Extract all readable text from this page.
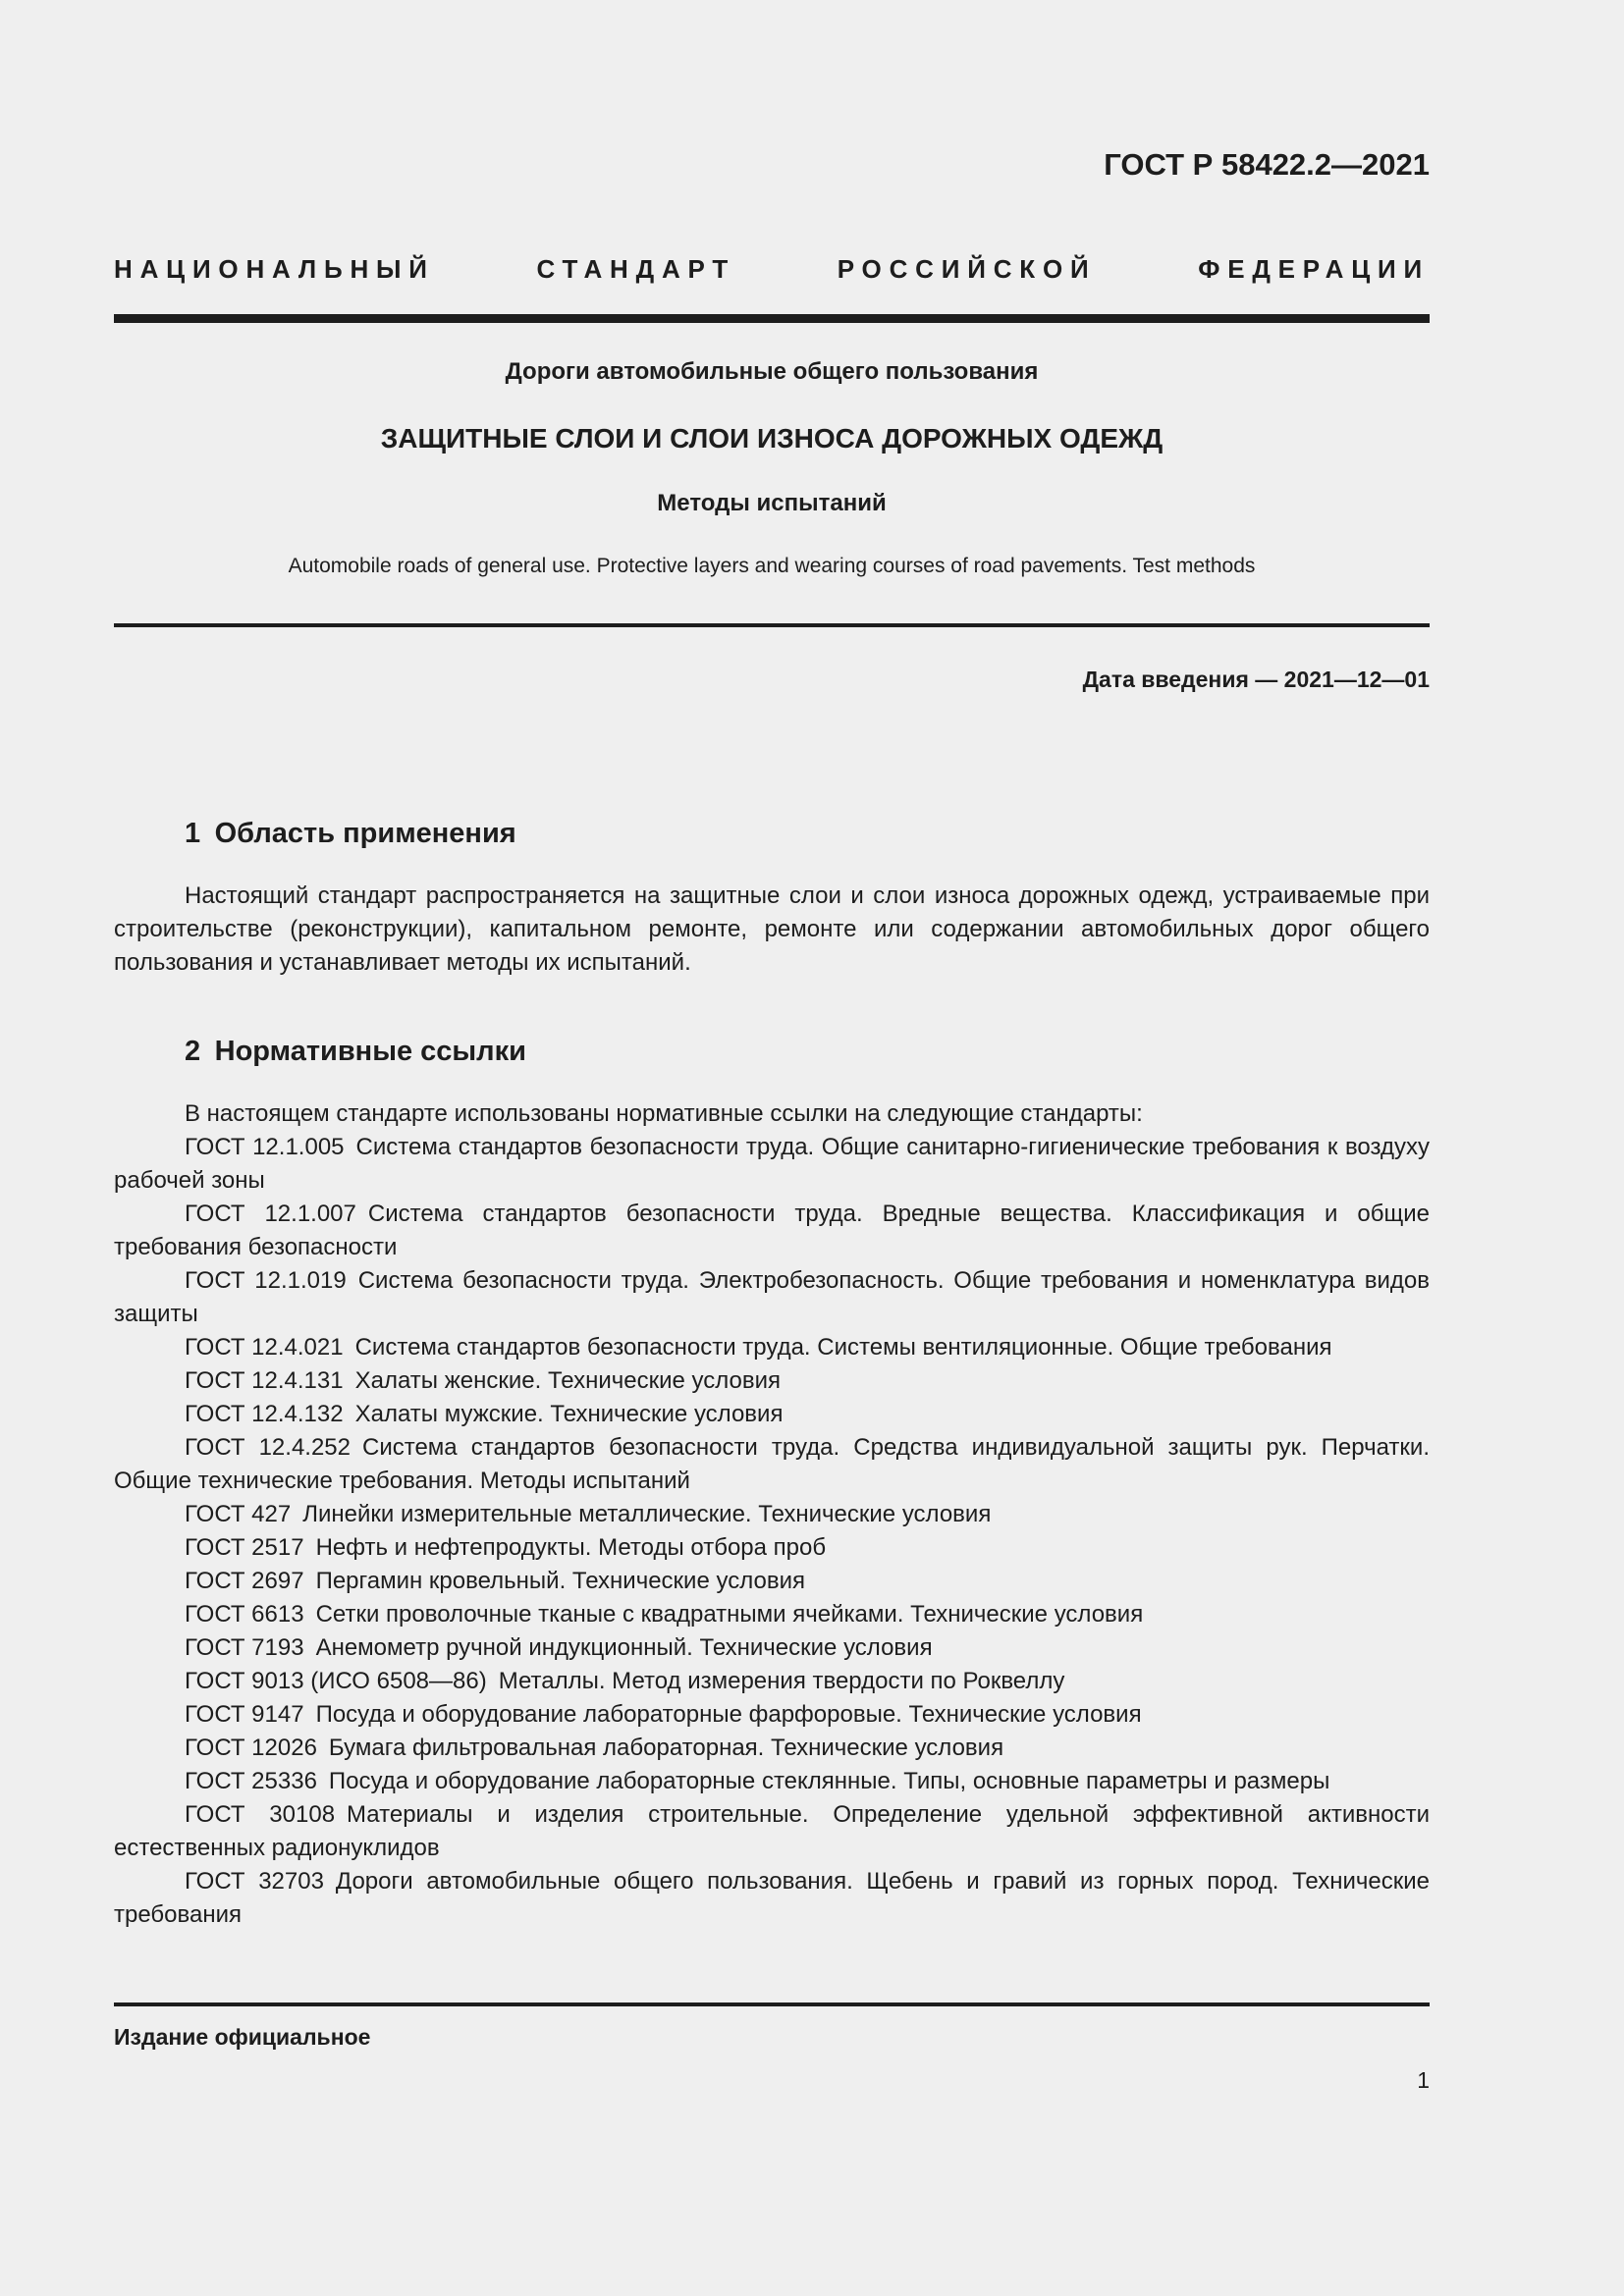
ГОСТ Р 58422.2—2021
НАЦИОНАЛЬНЫЙ СТАНДАРТ РОССИЙСКОЙ ФЕДЕРАЦИИ
Дороги автомобильные общего пользования
ЗАЩИТНЫЕ СЛОИ И СЛОИ ИЗНОСА ДОРОЖНЫХ ОДЕЖД
Методы испытаний
Automobile roads of general use. Protective layers and wearing courses of road pavements. Test methods
Дата введения — 2021—12—01
1 Область применения

Настоящий стандарт распространяется на защитные слои и слои износа дорожных одежд, устраиваемые при строительстве (реконструкции), капитальном ремонте, ремонте или содержании автомобильных дорог общего пользования и устанавливает методы их испытаний.

2 Нормативные ссылки

В настоящем стандарте использованы нормативные ссылки на следующие стандарты:

ГОСТ 12.1.005 Система стандартов безопасности труда. Общие санитарно-гигиенические требования к воздуху рабочей зоны

ГОСТ 12.1.007 Система стандартов безопасности труда. Вредные вещества. Классификация и общие требования безопасности

ГОСТ 12.1.019 Система безопасности труда. Электробезопасность. Общие требования и номенклатура видов защиты

ГОСТ 12.4.021 Система стандартов безопасности труда. Системы вентиляционные. Общие требования

ГОСТ 12.4.131 Халаты женские. Технические условия

ГОСТ 12.4.132 Халаты мужские. Технические условия

ГОСТ 12.4.252 Система стандартов безопасности труда. Средства индивидуальной защиты рук. Перчатки. Общие технические требования. Методы испытаний

ГОСТ 427 Линейки измерительные металлические. Технические условия

ГОСТ 2517 Нефть и нефтепродукты. Методы отбора проб

ГОСТ 2697 Пергамин кровельный. Технические условия

ГОСТ 6613 Сетки проволочные тканые с квадратными ячейками. Технические условия

ГОСТ 7193 Анемометр ручной индукционный. Технические условия

ГОСТ 9013 (ИСО 6508—86) Металлы. Метод измерения твердости по Роквеллу

ГОСТ 9147 Посуда и оборудование лабораторные фарфоровые. Технические условия

ГОСТ 12026 Бумага фильтровальная лабораторная. Технические условия

ГОСТ 25336 Посуда и оборудование лабораторные стеклянные. Типы, основные параметры и размеры

ГОСТ 30108 Материалы и изделия строительные. Определение удельной эффективной активности естественных радионуклидов

ГОСТ 32703 Дороги автомобильные общего пользования. Щебень и гравий из горных пород. Технические требования

Издание официальное
1
